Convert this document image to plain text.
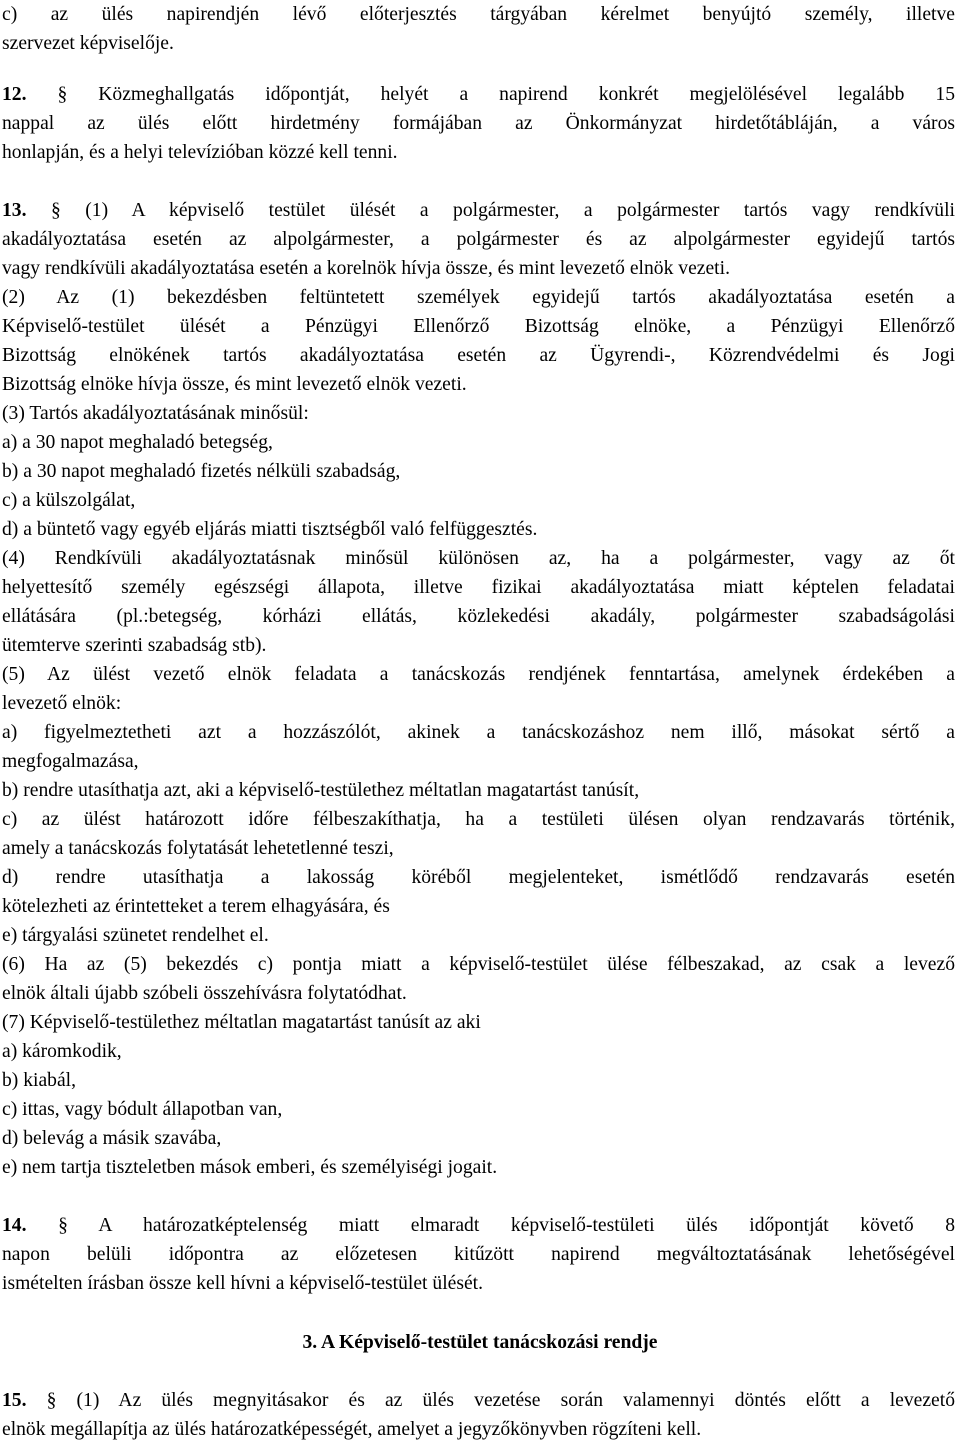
c) az ülés napirendjén lévő előterjesztés tárgyában kérelmet benyújtó személy, illetve
szervezet képviselője.
12. § Közmeghallgatás időpontját, helyét a napirend konkrét megjelölésével legalább 15
nappal az ülés előtt hirdetmény formájában az Önkormányzat hirdetőtábláján, a város
honlapján, és a helyi televízióban közzé kell tenni.
13. § (1) A képviselő testület ülését a polgármester, a polgármester tartós vagy rendkívüli
akadályoztatása esetén az alpolgármester, a polgármester és az alpolgármester egyidejű tartós
vagy rendkívüli akadályoztatása esetén a korelnök hívja össze, és mint levezető elnök vezeti.
(2) Az (1) bekezdésben feltüntetett személyek egyidejű tartós akadályoztatása esetén a
Képviselő-testület ülését a Pénzügyi Ellenőrző Bizottság elnöke, a Pénzügyi Ellenőrző
Bizottság elnökének tartós akadályoztatása esetén az Ügyrendi-, Közrendvédelmi és Jogi
Bizottság elnöke hívja össze, és mint levezető elnök vezeti.
(3) Tartós akadályoztatásának minősül:
a) a 30 napot meghaladó betegség,
b) a 30 napot meghaladó fizetés nélküli szabadság,
c) a külszolgálat,
d) a büntető vagy egyéb eljárás miatti tisztségből való felfüggesztés.
(4) Rendkívüli akadályoztatásnak minősül különösen az, ha a polgármester, vagy az őt
helyettesítő személy egészségi állapota, illetve fizikai akadályoztatása miatt képtelen feladatai
ellátására (pl.:betegség, kórházi ellátás, közlekedési akadály, polgármester szabadságolási
ütemterve szerinti szabadság stb).
(5) Az ülést vezető elnök feladata a tanácskozás rendjének fenntartása, amelynek érdekében a
levezető elnök:
a) figyelmeztetheti azt a hozzászólót, akinek a tanácskozáshoz nem illő, másokat sértő a
megfogalmazása,
b) rendre utasíthatja azt, aki a képviselő-testülethez méltatlan magatartást tanúsít,
c) az ülést határozott időre félbeszakíthatja, ha a testületi ülésen olyan rendzavarás történik,
amely a tanácskozás folytatását lehetetlenné teszi,
d) rendre utasíthatja a lakosság köréből megjelenteket, ismétlődő rendzavarás esetén
kötelezheti az érintetteket a terem elhagyására, és
e) tárgyalási szünetet rendelhet el.
(6) Ha az (5) bekezdés c) pontja miatt a képviselő-testület ülése félbeszakad, az csak a levező
elnök általi újabb szóbeli összehívásra folytatódhat.
(7) Képviselő-testülethez méltatlan magatartást tanúsít az aki
a) káromkodik,
b) kiabál,
c) ittas, vagy bódult állapotban van,
d) belevág a másik szavába,
e) nem tartja tiszteletben mások emberi, és személyiségi jogait.
14. § A határozatképtelenség miatt elmaradt képviselő-testületi ülés időpontját követő 8
napon belüli időpontra az előzetesen kitűzött napirend megváltoztatásának lehetőségével
ismételten írásban össze kell hívni a képviselő-testület ülését.
3. A Képviselő-testület tanácskozási rendje
15. § (1) Az ülés megnyitásakor és az ülés vezetése során valamennyi döntés előtt a levezető
elnök megállapítja az ülés határozatképességét, amelyet a jegyzőkönyvben rögzíteni kell.
